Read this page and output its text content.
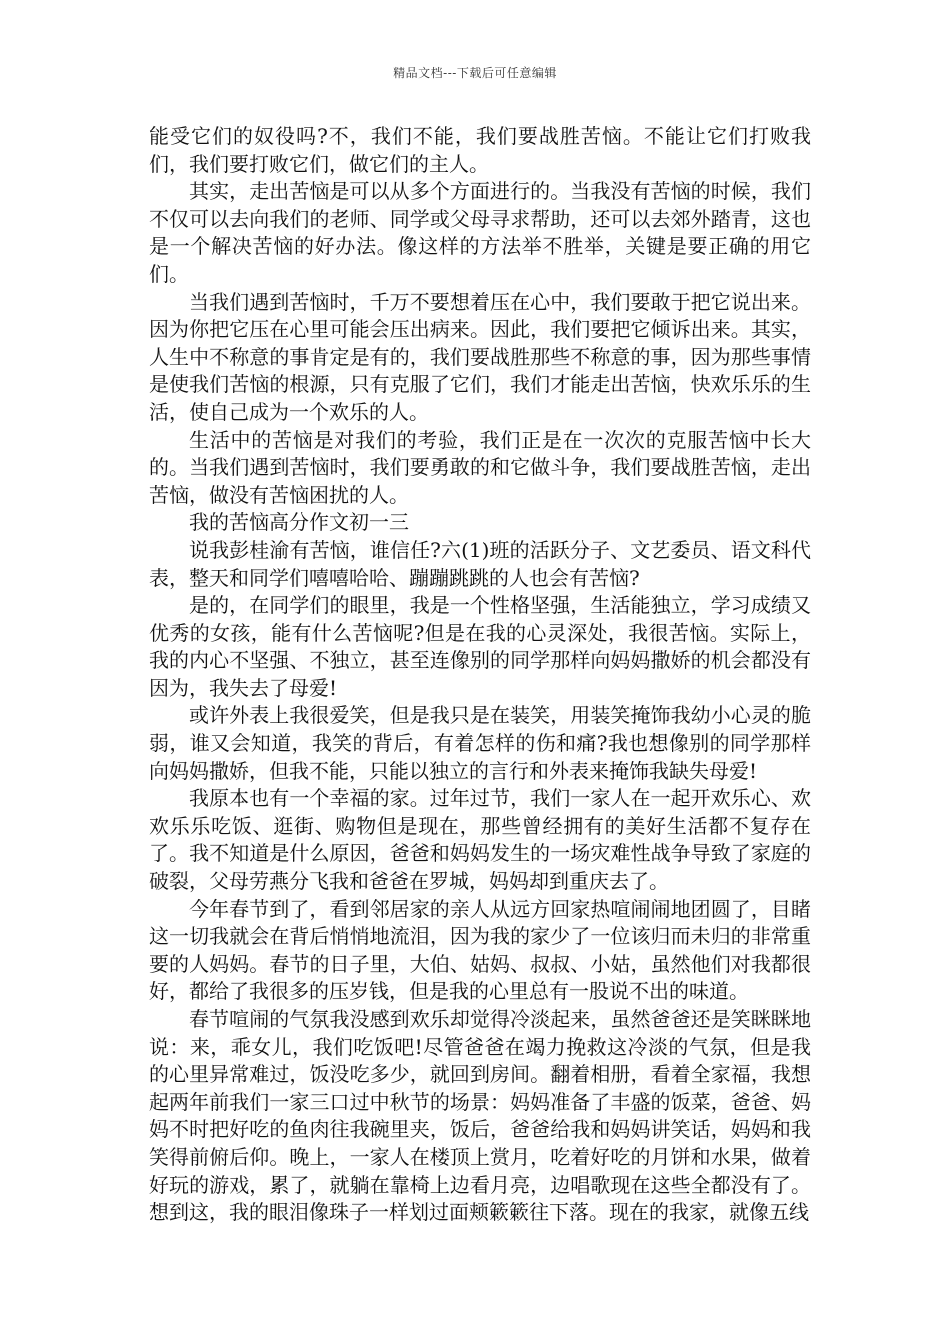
精品文档---下载后可任意编辑

能受它们的奴役吗?不，我们不能，我们要战胜苦恼。不能让它们打败我们，我们要打败它们，做它们的主人。

其实，走出苦恼是可以从多个方面进行的。当我没有苦恼的时候，我们不仅可以去向我们的老师、同学或父母寻求帮助，还可以去郊外踏青，这也是一个解决苦恼的好办法。像这样的方法举不胜举，关键是要正确的用它们。

当我们遇到苦恼时，千万不要想着压在心中，我们要敢于把它说出来。因为你把它压在心里可能会压出病来。因此，我们要把它倾诉出来。其实，人生中不称意的事肯定是有的，我们要战胜那些不称意的事，因为那些事情是使我们苦恼的根源，只有克服了它们，我们才能走出苦恼，快欢乐乐的生活，使自己成为一个欢乐的人。

生活中的苦恼是对我们的考验，我们正是在一次次的克服苦恼中长大的。当我们遇到苦恼时，我们要勇敢的和它做斗争，我们要战胜苦恼，走出苦恼，做没有苦恼困扰的人。

我的苦恼高分作文初一三

说我彭桂渝有苦恼，谁信任?六(1)班的活跃分子、文艺委员、语文科代表，整天和同学们嘻嘻哈哈、蹦蹦跳跳的人也会有苦恼?

是的，在同学们的眼里，我是一个性格坚强，生活能独立，学习成绩又优秀的女孩，能有什么苦恼呢?但是在我的心灵深处，我很苦恼。实际上，我的内心不坚强、不独立，甚至连像别的同学那样向妈妈撒娇的机会都没有因为，我失去了母爱!

或许外表上我很爱笑，但是我只是在装笑，用装笑掩饰我幼小心灵的脆弱，谁又会知道，我笑的背后，有着怎样的伤和痛?我也想像别的同学那样向妈妈撒娇，但我不能，只能以独立的言行和外表来掩饰我缺失母爱!

我原本也有一个幸福的家。过年过节，我们一家人在一起开欢乐心、欢欢乐乐吃饭、逛街、购物但是现在，那些曾经拥有的美好生活都不复存在了。我不知道是什么原因，爸爸和妈妈发生的一场灾难性战争导致了家庭的破裂，父母劳燕分飞我和爸爸在罗城，妈妈却到重庆去了。

今年春节到了，看到邻居家的亲人从远方回家热喧闹闹地团圆了，目睹这一切我就会在背后悄悄地流泪，因为我的家少了一位该归而未归的非常重要的人妈妈。春节的日子里，大伯、姑妈、叔叔、小姑，虽然他们对我都很好，都给了我很多的压岁钱，但是我的心里总有一股说不出的味道。

春节喧闹的气氛我没感到欢乐却觉得冷淡起来，虽然爸爸还是笑眯眯地说：来，乖女儿，我们吃饭吧!尽管爸爸在竭力挽救这冷淡的气氛，但是我的心里异常难过，饭没吃多少，就回到房间。翻着相册，看着全家福，我想起两年前我们一家三口过中秋节的场景：妈妈准备了丰盛的饭菜，爸爸、妈妈不时把好吃的鱼肉往我碗里夹，饭后，爸爸给我和妈妈讲笑话，妈妈和我笑得前俯后仰。晚上，一家人在楼顶上赏月，吃着好吃的月饼和水果，做着好玩的游戏，累了，就躺在靠椅上边看月亮，边唱歌现在这些全都没有了。想到这，我的眼泪像珠子一样划过面颊簌簌往下落。现在的我家，就像五线
